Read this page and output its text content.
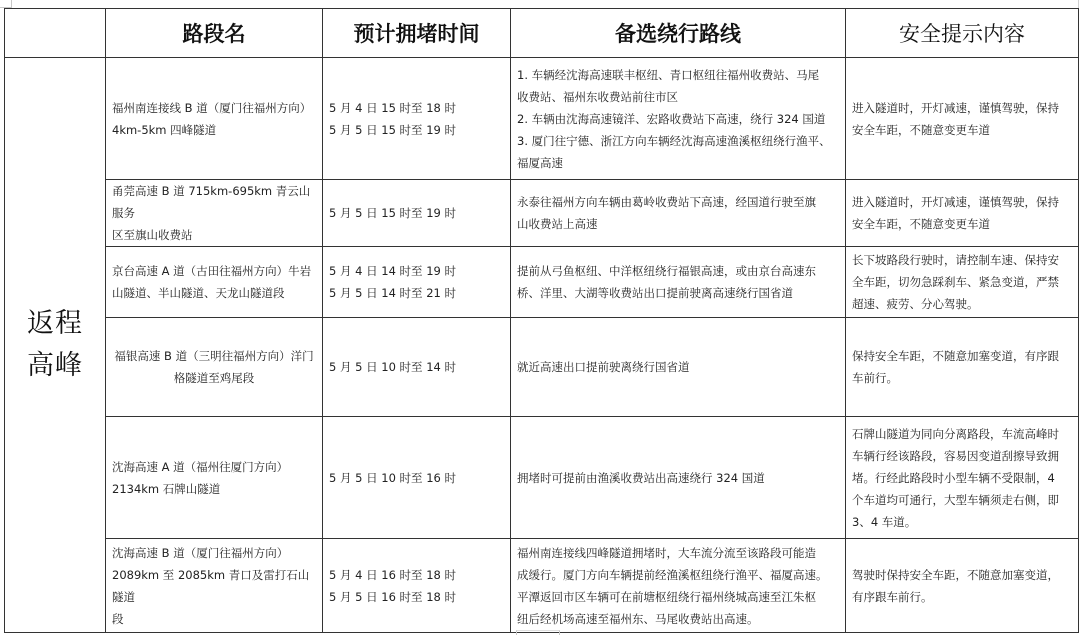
	路段名	预计拥堵时间	备选绕行路线	安全提示内容

返程
高峰	福州南连接线 B 道（厦门往福州方向）
4km-5km 四峰隧道	5 月 4 日 15 时至 18 时
5 月 5 日 15 时至 19 时	1. 车辆经沈海高速联丰枢纽、青口枢纽往福州收费站、马尾
收费站、福州东收费站前往市区
2. 车辆由沈海高速镜洋、宏路收费站下高速，绕行 324 国道
3. 厦门往宁德、浙江方向车辆经沈海高速渔溪枢纽绕行渔平、
福厦高速	进入隧道时，开灯减速，谨慎驾驶，保持
安全车距，不随意变更车道

	甬莞高速 B 道 715km-695km 青云山服务
区至旗山收费站	5 月 5 日 15 时至 19 时	永泰往福州方向车辆由葛岭收费站下高速，经国道行驶至旗
山收费站上高速	进入隧道时，开灯减速，谨慎驾驶，保持
安全车距，不随意变更车道

	京台高速 A 道（古田往福州方向）牛岩
山隧道、半山隧道、天龙山隧道段	5 月 4 日 14 时至 19 时
5 月 5 日 14 时至 21 时	提前从弓鱼枢纽、中洋枢纽绕行福银高速，或由京台高速东
桥、洋里、大湖等收费站出口提前驶离高速绕行国省道	长下坡路段行驶时，请控制车速、保持安
全车距，切勿急踩刹车、紧急变道，严禁
超速、疲劳、分心驾驶。

	福银高速 B 道（三明往福州方向）洋门
格隧道至鸡尾段	5 月 5 日 10 时至 14 时	就近高速出口提前驶离绕行国省道	保持安全车距，不随意加塞变道，有序跟
车前行。

	沈海高速 A 道（福州往厦门方向）
2134km 石牌山隧道	5 月 5 日 10 时至 16 时	拥堵时可提前由渔溪收费站出高速绕行 324 国道	石牌山隧道为同向分离路段，车流高峰时
车辆行经该路段，容易因变道刮擦导致拥
堵。行经此路段时小型车辆不受限制，4
个车道均可通行，大型车辆须走右侧，即
3、4 车道。

	沈海高速 B 道（厦门往福州方向）
2089km 至 2085km 青口及雷打石山隧道
段	5 月 4 日 16 时至 18 时
5 月 5 日 16 时至 18 时	福州南连接线四峰隧道拥堵时，大车流分流至该路段可能造
成缓行。厦门方向车辆提前经渔溪枢纽绕行渔平、福厦高速。
平潭返回市区车辆可在前塘枢纽绕行福州绕城高速至江朱枢
纽后经机场高速至福州东、马尾收费站出高速。	驾驶时保持安全车距，不随意加塞变道，
有序跟车前行。
